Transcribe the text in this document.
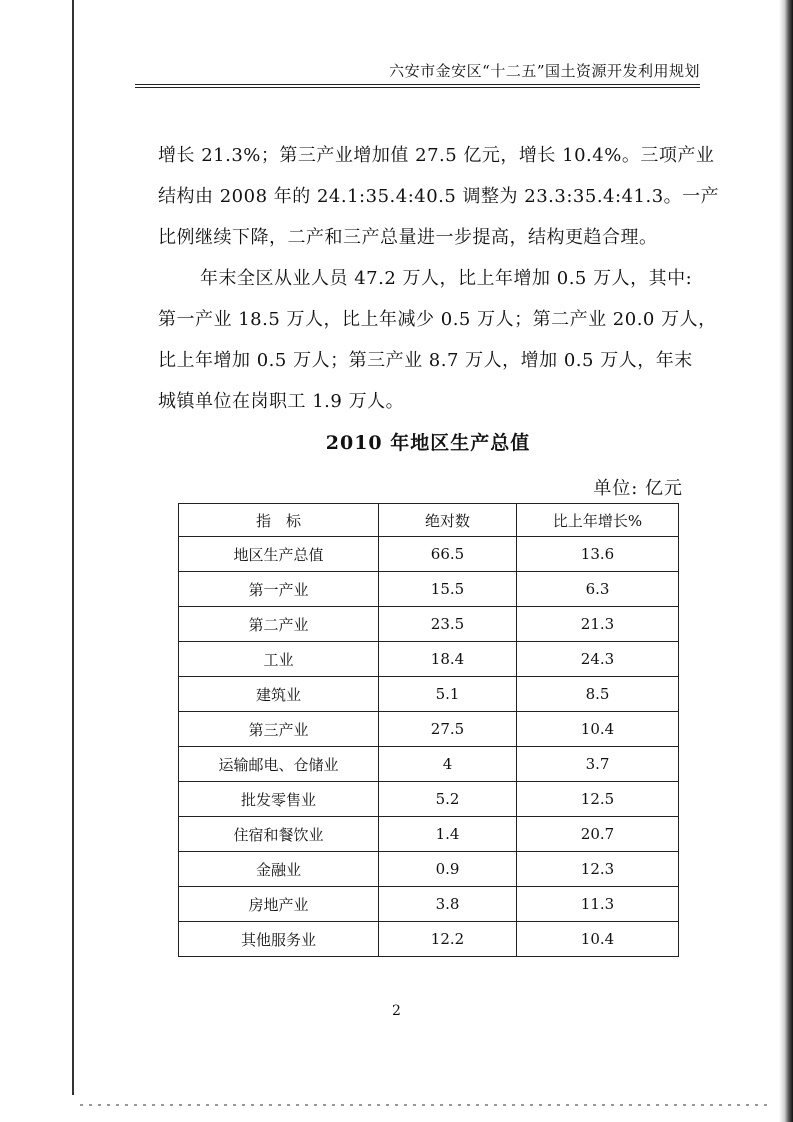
六安市金安区“十二五”国土资源开发利用规划

增长 21.3%；第三产业增加值 27.5 亿元，增长 10.4%。三项产业
结构由 2008 年的 24.1:35.4:40.5 调整为 23.3:35.4:41.3。一产
比例继续下降，二产和三产总量进一步提高，结构更趋合理。

年末全区从业人员 47.2 万人，比上年增加 0.5 万人，其中:
第一产业 18.5 万人，比上年减少 0.5 万人；第二产业 20.0 万人，
比上年增加 0.5 万人；第三产业 8.7 万人，增加 0.5 万人，年末
城镇单位在岗职工 1.9 万人。

2010 年地区生产总值
单位: 亿元
指　标	绝对数	比上年增长%
地区生产总值	66.5	13.6
第一产业	15.5	6.3
第二产业	23.5	21.3
工业	18.4	24.3
建筑业	5.1	8.5
第三产业	27.5	10.4
运输邮电、仓储业	4	3.7
批发零售业	5.2	12.5
住宿和餐饮业	1.4	20.7
金融业	0.9	12.3
房地产业	3.8	11.3
其他服务业	12.2	10.4
2
